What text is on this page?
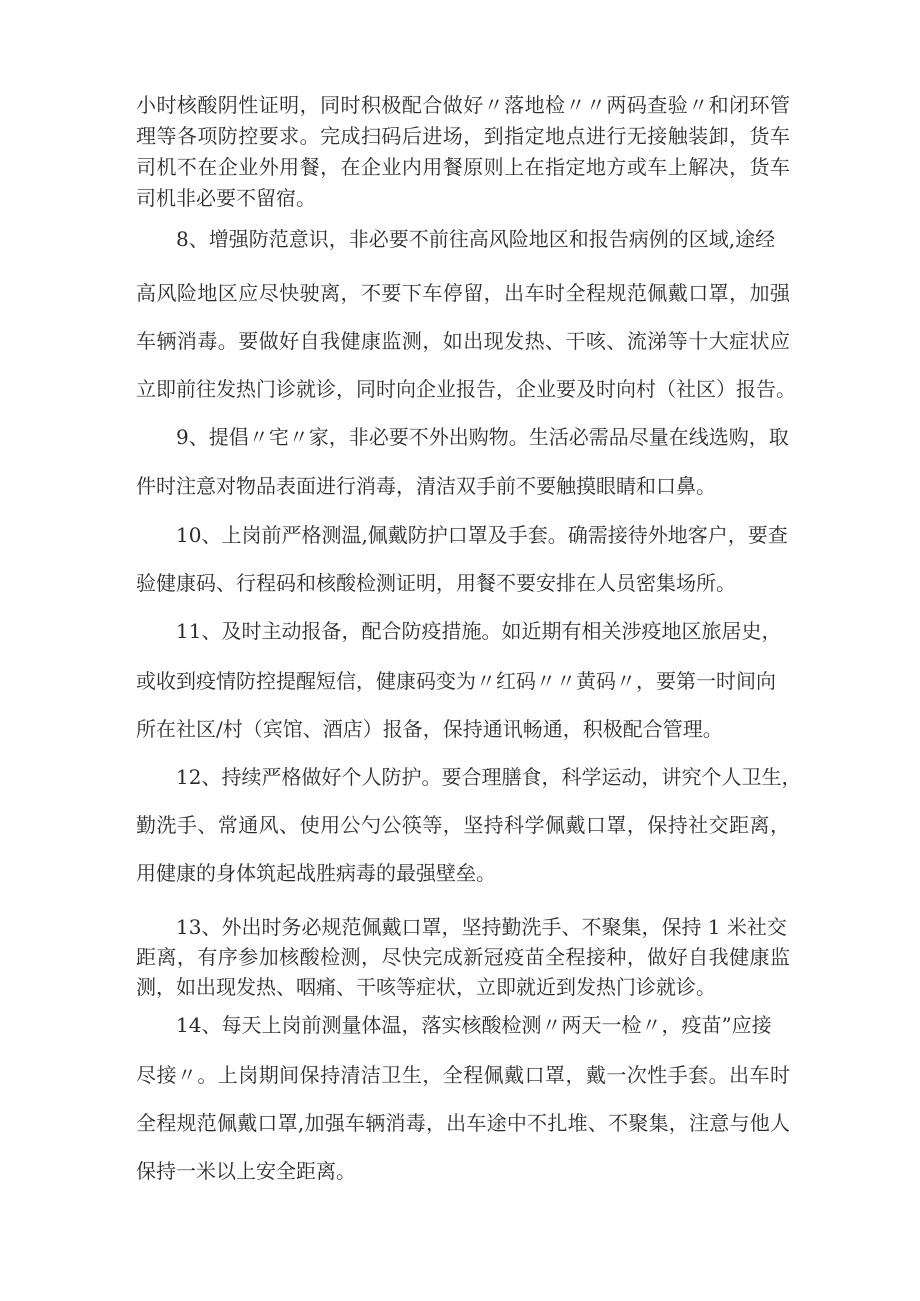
小时核酸阴性证明，同时积极配合做好〃落地检〃〃两码查验〃和闭环管
理等各项防控要求。完成扫码后进场，到指定地点进行无接触装卸，货车
司机不在企业外用餐，在企业内用餐原则上在指定地方或车上解决，货车
司机非必要不留宿。
8、增强防范意识，非必要不前往高风险地区和报告病例的区域,途经
高风险地区应尽快驶离，不要下车停留，出车时全程规范佩戴口罩，加强
车辆消毒。要做好自我健康监测，如出现发热、干咳、流涕等十大症状应
立即前往发热门诊就诊，同时向企业报告，企业要及时向村（社区）报告。
9、提倡〃宅〃家，非必要不外出购物。生活必需品尽量在线选购，取
件时注意对物品表面进行消毒，清洁双手前不要触摸眼睛和口鼻。
10、上岗前严格测温,佩戴防护口罩及手套。确需接待外地客户，要查
验健康码、行程码和核酸检测证明，用餐不要安排在人员密集场所。
11、及时主动报备，配合防疫措施。如近期有相关涉疫地区旅居史，
或收到疫情防控提醒短信，健康码变为〃红码〃〃黄码〃，要第一时间向
所在社区/村（宾馆、酒店）报备，保持通讯畅通，积极配合管理。
12、持续严格做好个人防护。要合理膳食，科学运动，讲究个人卫生，
勤洗手、常通风、使用公勺公筷等，坚持科学佩戴口罩，保持社交距离，
用健康的身体筑起战胜病毒的最强壁垒。
13、外出时务必规范佩戴口罩，坚持勤洗手、不聚集，保持 1 米社交
距离，有序参加核酸检测，尽快完成新冠疫苗全程接种，做好自我健康监
测，如出现发热、咽痛、干咳等症状，立即就近到发热门诊就诊。
14、每天上岗前测量体温，落实核酸检测〃两天一检〃，疫苗”应接
尽接〃。上岗期间保持清洁卫生，全程佩戴口罩，戴一次性手套。出车时
全程规范佩戴口罩,加强车辆消毒，出车途中不扎堆、不聚集，注意与他人
保持一米以上安全距离。
